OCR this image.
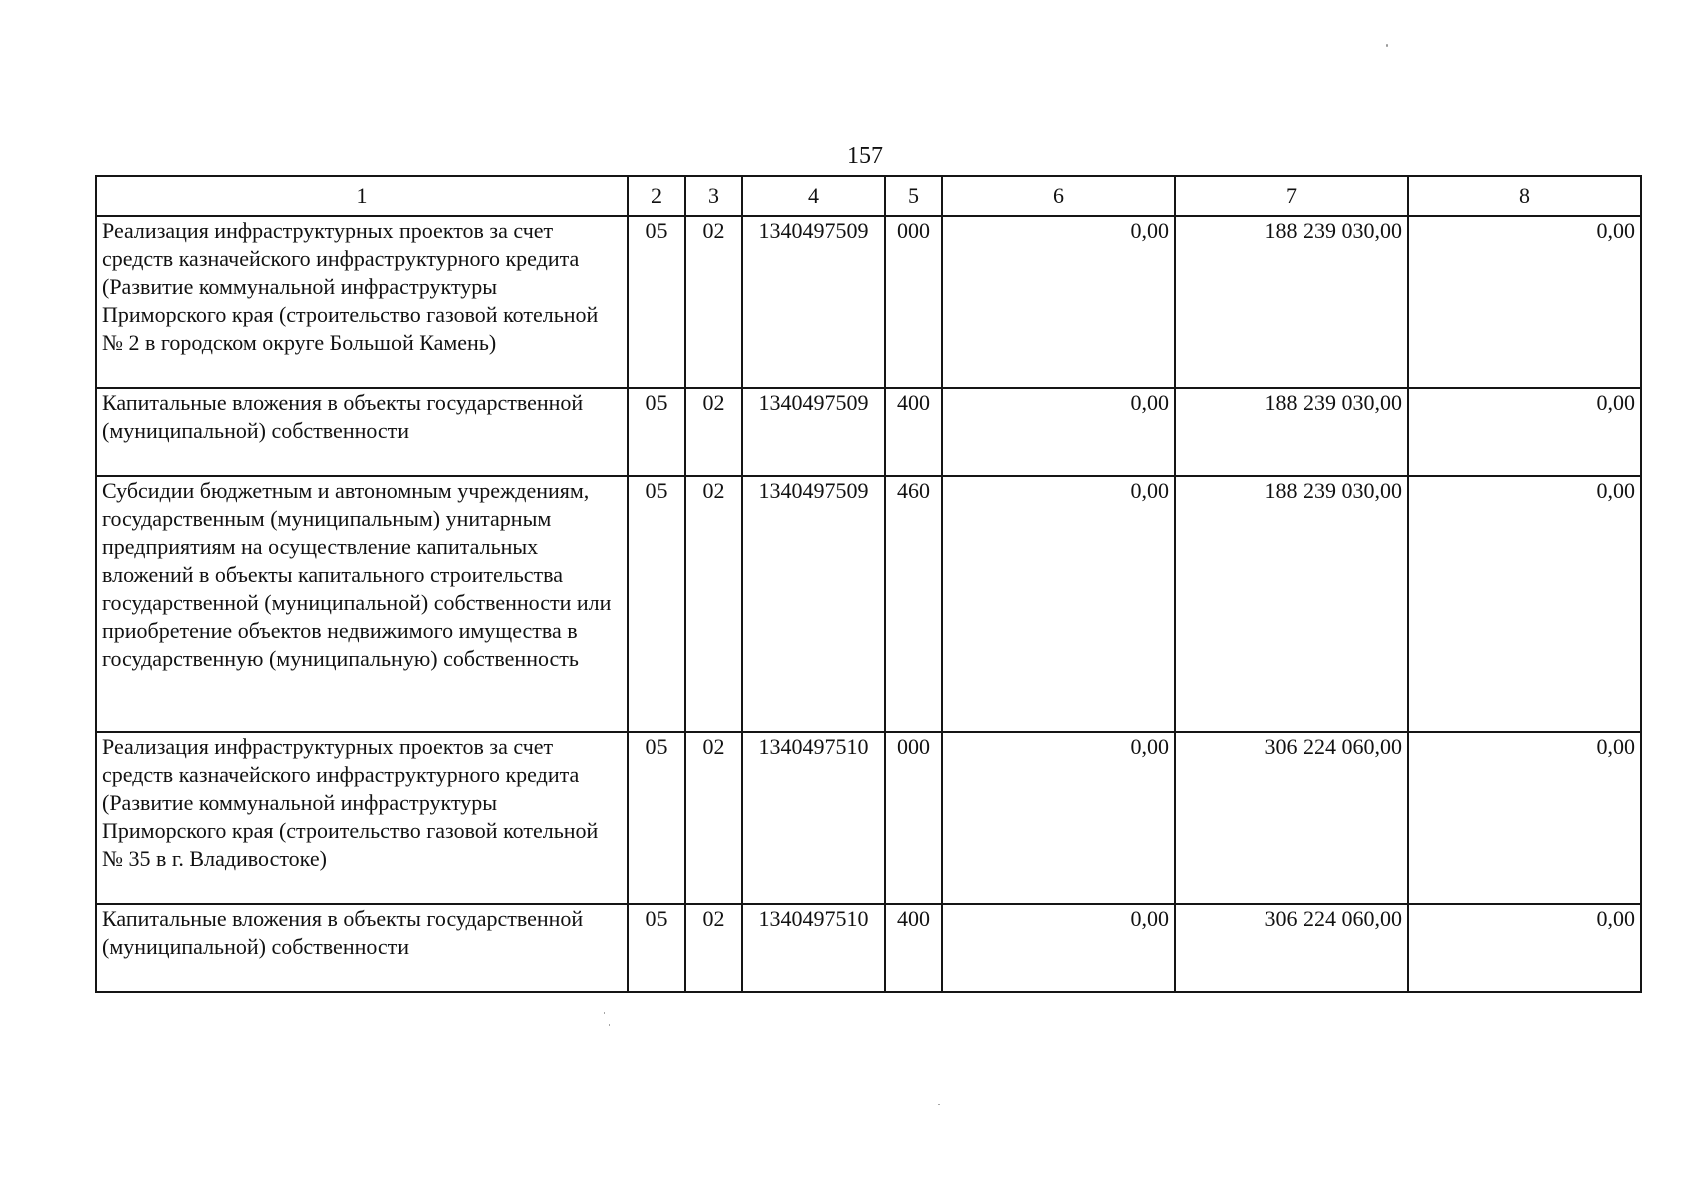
157
1	2	3	4	5	6	7	8
Реализация инфраструктурных проектов за счет средств казначейского инфраструктурного кредита (Развитие коммунальной инфраструктуры Приморского края (строительство газовой котельной № 2 в городском округе Большой Камень)	05	02	1340497509	000	0,00	188 239 030,00	0,00
Капитальные вложения в объекты государственной (муниципальной) собственности	05	02	1340497509	400	0,00	188 239 030,00	0,00
Субсидии бюджетным и автономным учреждениям, государственным (муниципальным) унитарным предприятиям на осуществление капитальных вложений в объекты капитального строительства государственной (муниципальной) собственности или приобретение объектов недвижимого имущества в государственную (муниципальную) собственность	05	02	1340497509	460	0,00	188 239 030,00	0,00
Реализация инфраструктурных проектов за счет средств казначейского инфраструктурного кредита (Развитие коммунальной инфраструктуры Приморского края (строительство газовой котельной № 35 в г. Владивостоке)	05	02	1340497510	000	0,00	306 224 060,00	0,00
Капитальные вложения в объекты государственной (муниципальной) собственности	05	02	1340497510	400	0,00	306 224 060,00	0,00
